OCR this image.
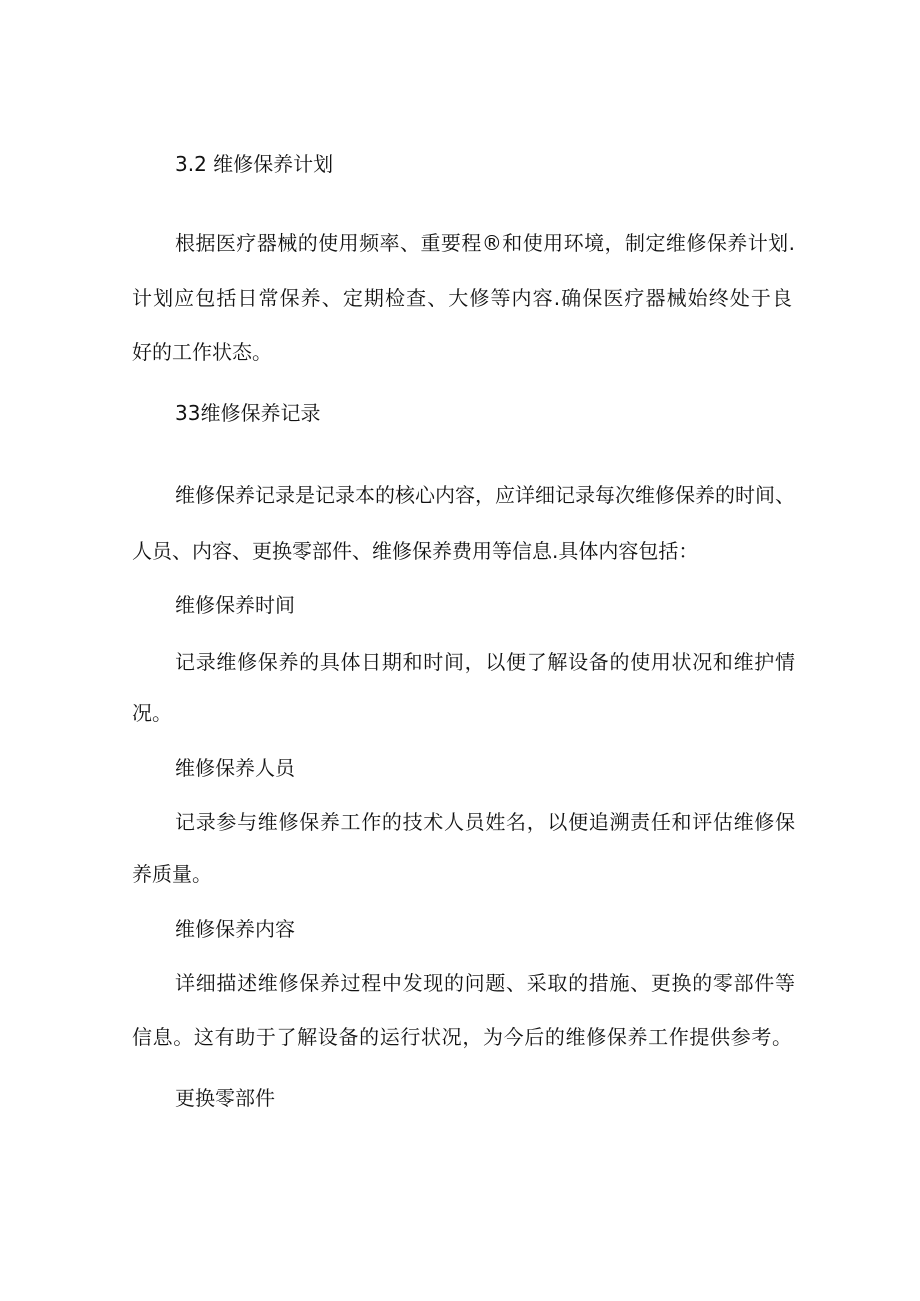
3.2 维修保养计划
根据医疗器械的使用频率、重要程®和使用环境，制定维修保养计划.
计划应包括日常保养、定期检查、大修等内容.确保医疗器械始终处于良
好的工作状态。
33维修保养记录
维修保养记录是记录本的核心内容，应详细记录每次维修保养的时间、
人员、内容、更换零部件、维修保养费用等信息.具体内容包括：
维修保养时间
记录维修保养的具体日期和时间，以便了解设备的使用状况和维护情
况。
维修保养人员
记录参与维修保养工作的技术人员姓名，以便追溯责任和评估维修保
养质量。
维修保养内容
详细描述维修保养过程中发现的问题、采取的措施、更换的零部件等
信息。这有助于了解设备的运行状况，为今后的维修保养工作提供参考。
更换零部件
